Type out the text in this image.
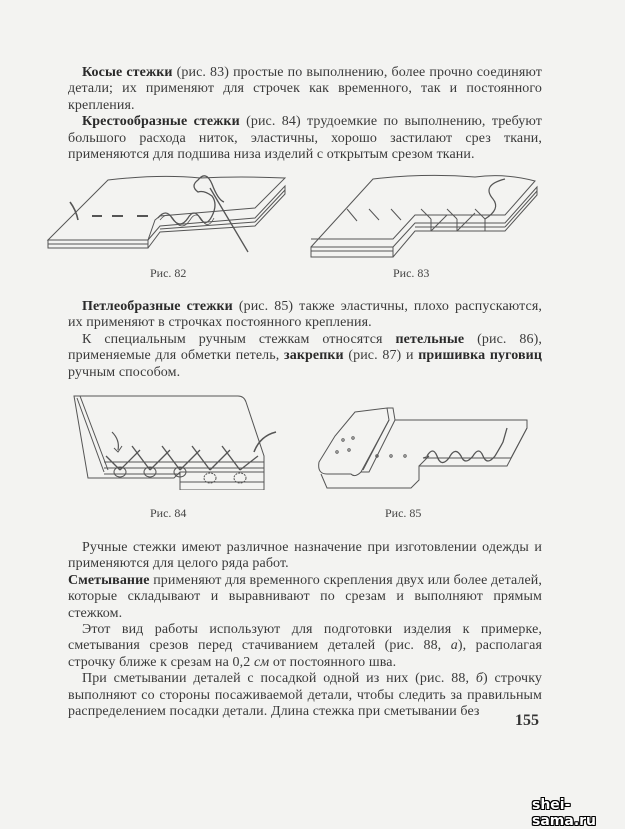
Косые стежки (рис. 83) простые по выполнению, более прочно соединяют детали; их применяют для строчек как временного, так и постоянного крепления.

Крестообразные стежки (рис. 84) трудоемкие по выполнению, требуют большого расхода ниток, эластичны, хорошо застилают срез ткани, применяются для подшива низа изделий с открытым срезом ткани.

Рис. 82	Рис. 83

Петлеобразные стежки (рис. 85) также эластичны, плохо распускаются, их применяют в строчках постоянного крепления.

К специальным ручным стежкам относятся петельные (рис. 86), применяемые для обметки петель, закрепки (рис. 87) и пришивка пуговиц ручным способом.

Рис. 84	Рис. 85

Ручные стежки имеют различное назначение при изготовлении одежды и применяются для целого ряда работ.

Сметывание применяют для временного скрепления двух или более деталей, которые складывают и выравнивают по срезам и выполняют прямым стежком.

Этот вид работы используют для подготовки изделия к примерке, сметывания срезов перед стачиванием деталей (рис. 88, а), располагая строчку ближе к срезам на 0,2 см от постоянного шва.

При сметывании деталей с посадкой одной из них (рис. 88, б) строчку выполняют со стороны посаживаемой детали, чтобы следить за правильным распределением посадки детали. Длина стежка при сметывании без

155
shei-sama.ru
